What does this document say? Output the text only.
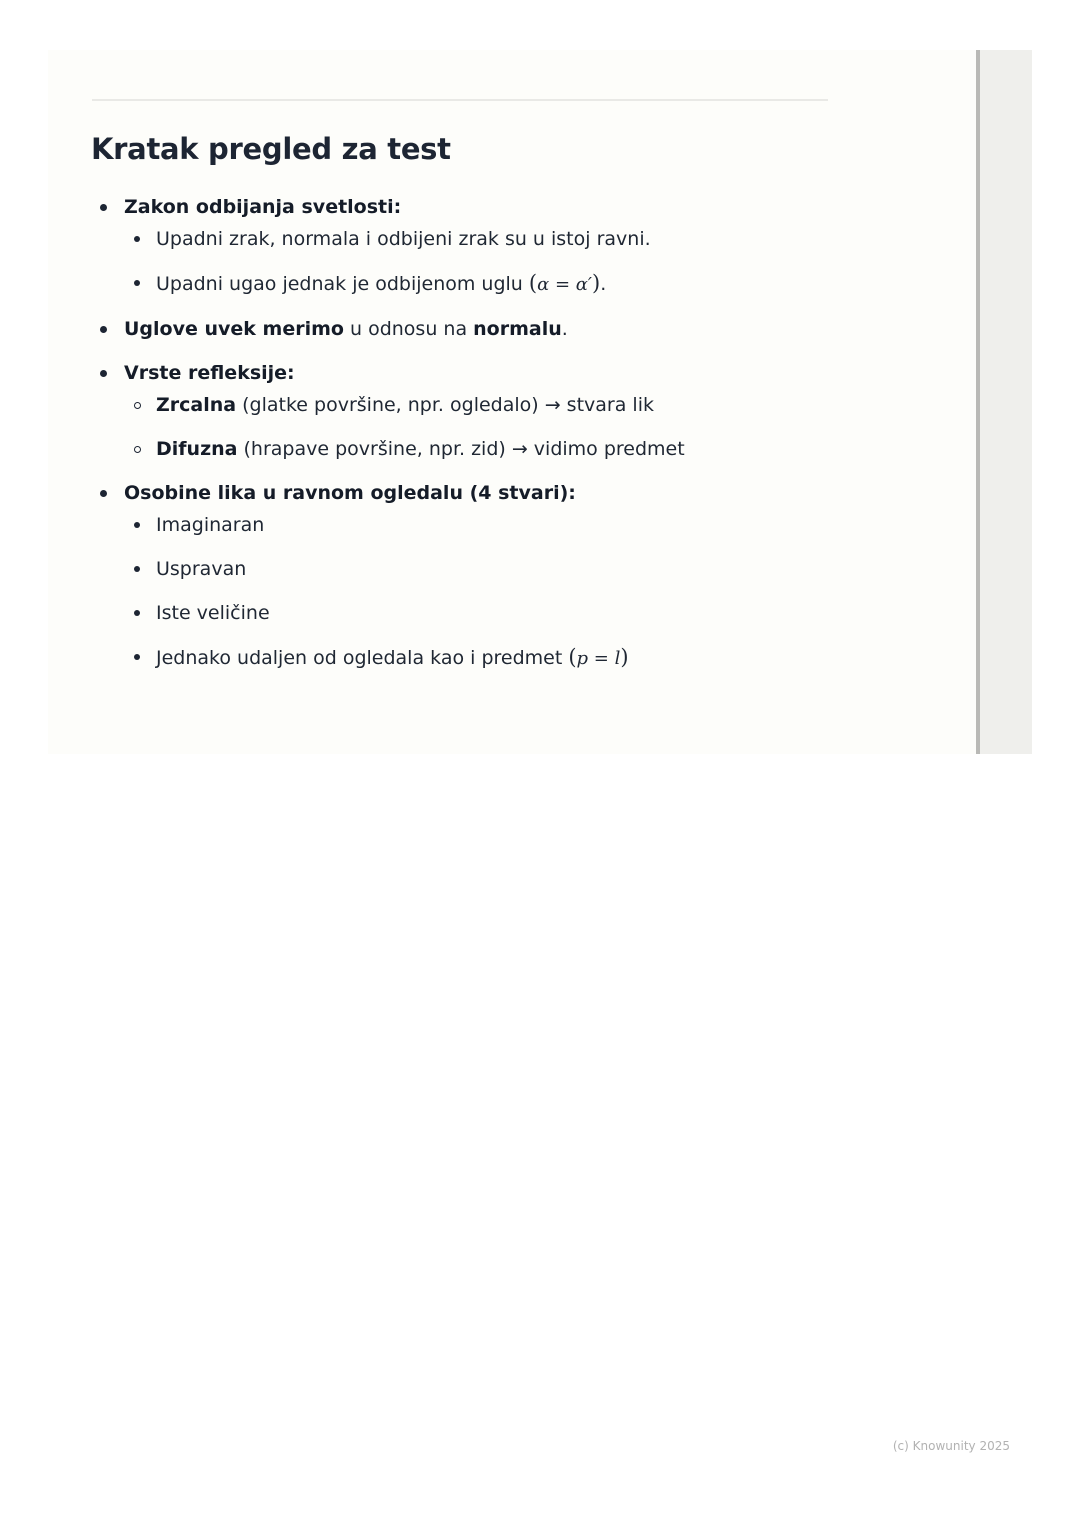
Kratak pregled za test
Zakon odbijanja svetlosti:
Upadni zrak, normala i odbijeni zrak su u istoj ravni.
Upadni ugao jednak je odbijenom uglu (α = α′).
Uglove uvek merimo u odnosu na normalu.
Vrste refleksije:
Zrcalna (glatke površine, npr. ogledalo) → stvara lik
Difuzna (hrapave površine, npr. zid) → vidimo predmet
Osobine lika u ravnom ogledalu (4 stvari):
Imaginaran
Uspravan
Iste veličine
Jednako udaljen od ogledala kao i predmet (p = l)
(c) Knowunity 2025
